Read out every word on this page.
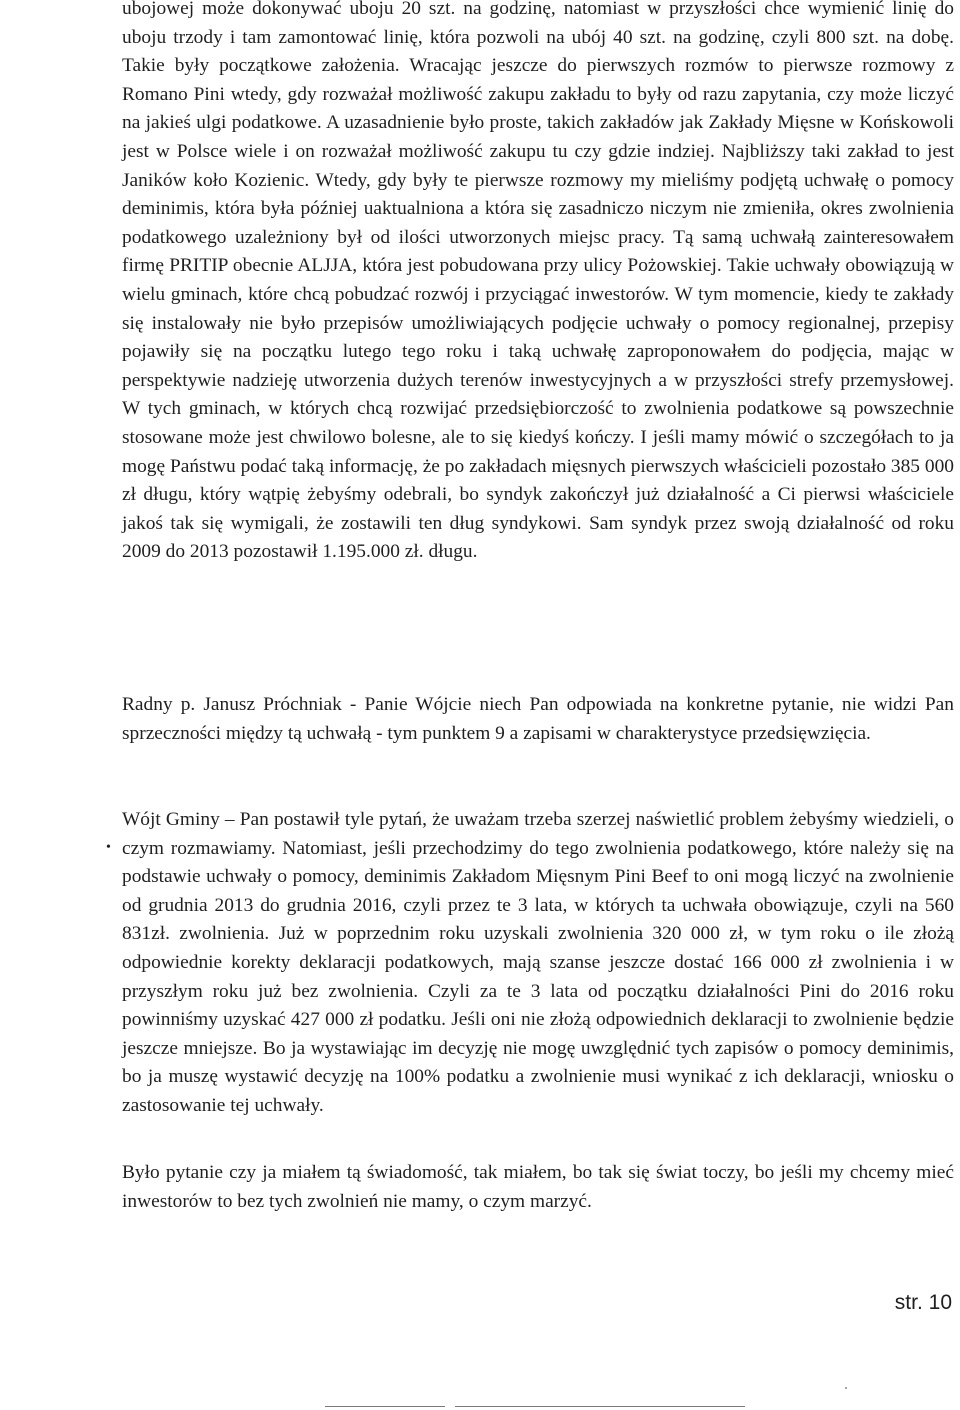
ubojowej może dokonywać uboju 20 szt. na godzinę, natomiast w przyszłości chce wymienić linię do uboju trzody i tam zamontować linię, która pozwoli na ubój 40 szt. na godzinę, czyli 800 szt. na dobę. Takie były początkowe założenia. Wracając jeszcze do pierwszych rozmów to pierwsze rozmowy z Romano Pini wtedy, gdy rozważał możliwość zakupu zakładu to były od razu zapytania, czy może liczyć na jakieś ulgi podatkowe. A uzasadnienie było proste, takich zakładów jak Zakłady Mięsne w Końskowoli jest w Polsce wiele i on rozważał możliwość zakupu tu czy gdzie indziej. Najbliższy taki zakład to jest Janików koło Kozienic. Wtedy, gdy były te pierwsze rozmowy my mieliśmy podjętą uchwałę o pomocy deminimis, która była później uaktualniona a która się zasadniczo niczym nie zmieniła, okres zwolnienia podatkowego uzależniony był od ilości utworzonych miejsc pracy. Tą samą uchwałą zainteresowałem firmę PRITIP obecnie ALJJA, która jest pobudowana przy ulicy Pożowskiej. Takie uchwały obowiązują w wielu gminach, które chcą pobudzać rozwój i przyciągać inwestorów. W tym momencie, kiedy te zakłady się instalowały nie było przepisów umożliwiających podjęcie uchwały o pomocy regionalnej, przepisy pojawiły się na początku lutego tego roku i taką uchwałę zaproponowałem do podjęcia, mając w perspektywie nadzieję utworzenia dużych terenów inwestycyjnych a w przyszłości strefy przemysłowej. W tych gminach, w których chcą rozwijać przedsiębiorczość to zwolnienia podatkowe są powszechnie stosowane może jest chwilowo bolesne, ale to się kiedyś kończy. I jeśli mamy mówić o szczegółach to ja mogę Państwu podać taką informację, że po zakładach mięsnych pierwszych właścicieli pozostało 385 000 zł długu, który wątpię żebyśmy odebrali, bo syndyk zakończył już działalność a Ci pierwsi właściciele jakoś tak się wymigali, że zostawili ten dług syndykowi. Sam syndyk przez swoją działalność od roku 2009 do 2013 pozostawił 1.195.000 zł. długu.

Radny p. Janusz Próchniak - Panie Wójcie niech Pan odpowiada na konkretne pytanie, nie widzi Pan sprzeczności między tą uchwałą - tym punktem 9 a zapisami w charakterystyce przedsięwzięcia.

•

Wójt Gminy – Pan postawił tyle pytań, że uważam trzeba szerzej naświetlić problem żebyśmy wiedzieli, o czym rozmawiamy. Natomiast, jeśli przechodzimy do tego zwolnienia podatkowego, które należy się na podstawie uchwały o pomocy, deminimis Zakładom Mięsnym Pini Beef to oni mogą liczyć na zwolnienie od grudnia 2013 do grudnia 2016, czyli przez te 3 lata, w których ta uchwała obowiązuje, czyli na 560 831zł. zwolnienia. Już w poprzednim roku uzyskali zwolnienia 320 000 zł, w tym roku o ile złożą odpowiednie korekty deklaracji podatkowych, mają szanse jeszcze dostać 166 000 zł zwolnienia i w przyszłym roku już bez zwolnienia. Czyli za te 3 lata od początku działalności Pini do 2016 roku powinniśmy uzyskać 427 000 zł podatku. Jeśli oni nie złożą odpowiednich deklaracji to zwolnienie będzie jeszcze mniejsze. Bo ja wystawiając im decyzję nie mogę uwzględnić tych zapisów o pomocy deminimis, bo ja muszę wystawić decyzję na 100% podatku a zwolnienie musi wynikać z ich deklaracji, wniosku o zastosowanie tej uchwały.

Było pytanie czy ja miałem tą świadomość, tak miałem, bo tak się świat toczy, bo jeśli my chcemy mieć inwestorów to bez tych zwolnień nie mamy, o czym marzyć.

str. 10
